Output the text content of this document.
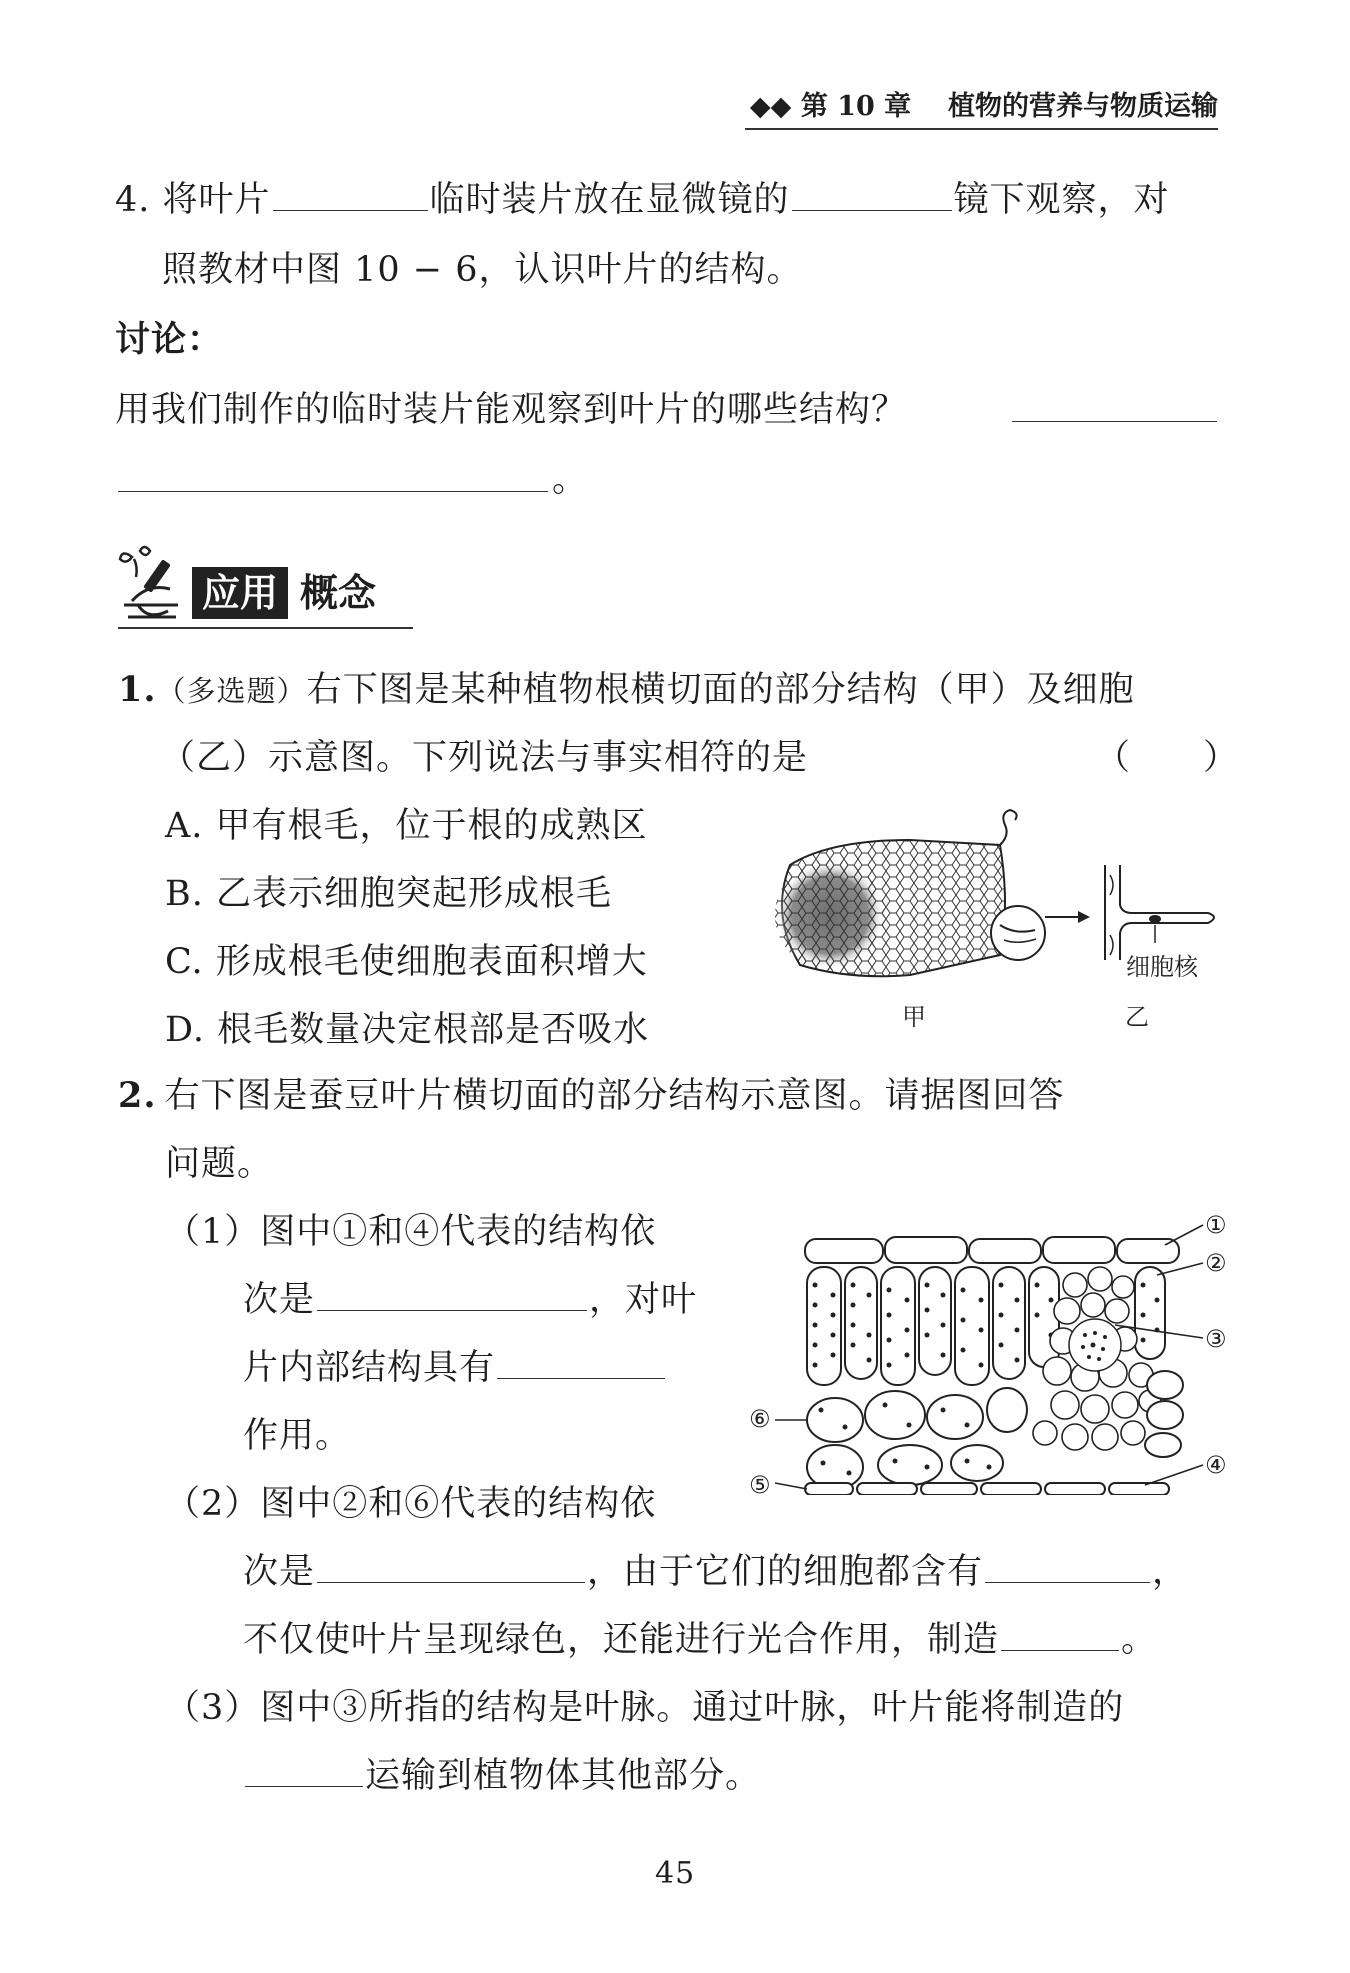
◆◆ 第 10 章 植物的营养与物质运输
4. 将叶片	临时装片放在显微镜的	镜下观察，对
照教材中图 10 − 6，认识叶片的结构。
讨论：
用我们制作的临时装片能观察到叶片的哪些结构？
。
应用 概念
1.（多选题）右下图是某种植物根横切面的部分结构（甲）及细胞
（乙）示意图。下列说法与事实相符的是	（　　）
A. 甲有根毛，位于根的成熟区
B. 乙表示细胞突起形成根毛
C. 形成根毛使细胞表面积增大
D. 根毛数量决定根部是否吸水
细胞核
甲	乙
2. 右下图是蚕豆叶片横切面的部分结构示意图。请据图回答
问题。
（1）图中①和④代表的结构依
次是	，对叶
片内部结构具有
作用。
①
②
③
④
⑤
⑥
（2）图中②和⑥代表的结构依
次是	，由于它们的细胞都含有	，
不仅使叶片呈现绿色，还能进行光合作用，制造	。
（3）图中③所指的结构是叶脉。通过叶脉，叶片能将制造的
运输到植物体其他部分。
45
